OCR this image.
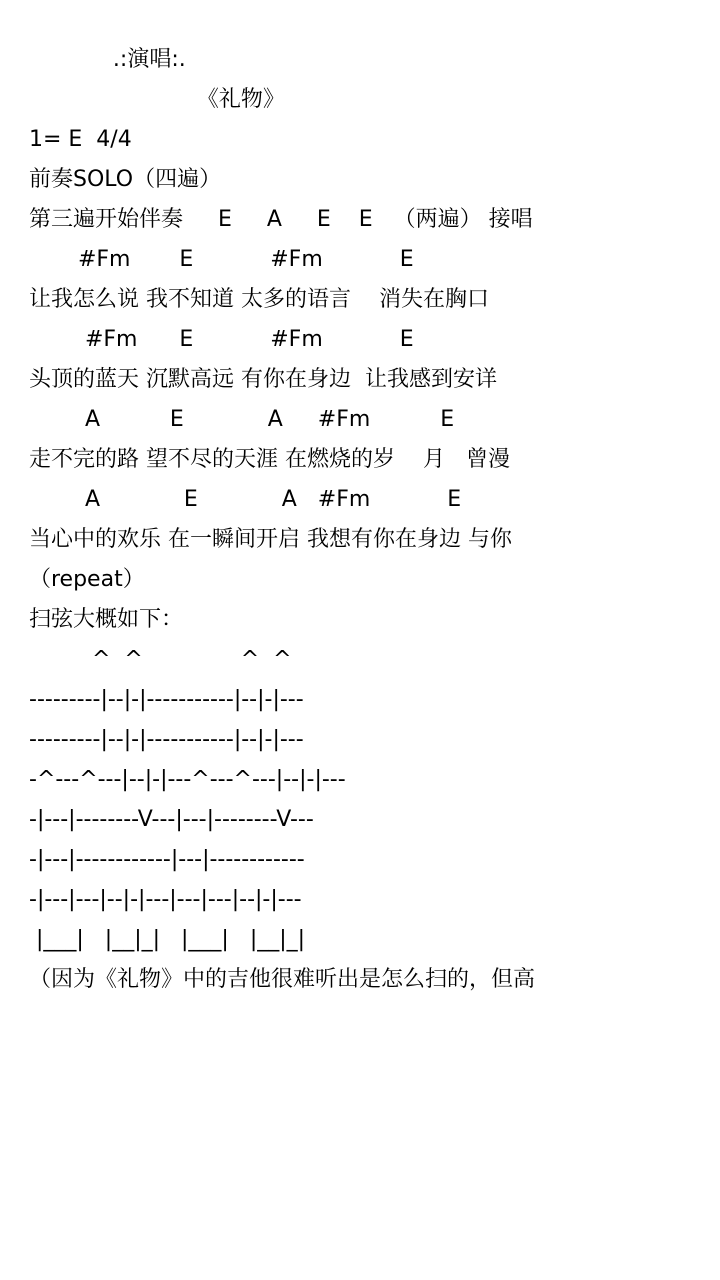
.:演唱:.
《礼物》
1= E  4/4
前奏SOLO（四遍）
第三遍开始伴奏     E     A     E    E   （两遍） 接唱
#Fm       E           #Fm           E
让我怎么说 我不知道 太多的语言    消失在胸口
#Fm      E           #Fm           E
头顶的蓝天 沉默高远 有你在身边  让我感到安详
A          E            A     #Fm          E
走不完的路 望不尽的天涯 在燃烧的岁    月   曾漫
A            E            A   #Fm           E
当心中的欢乐 在一瞬间开启 我想有你在身边 与你
（repeat）
扫弦大概如下：
^  ^              ^  ^
---------|--|-|-----------|--|-|---
---------|--|-|-----------|--|-|---
-^---^---|--|-|---^---^---|--|-|---
-|---|--------V---|---|--------V---
-|---|------------|---|------------
-|---|---|--|-|---|---|---|--|-|---
|___|   |__|_|   |___|   |__|_|
（因为《礼物》中的吉他很难听出是怎么扫的，但高
